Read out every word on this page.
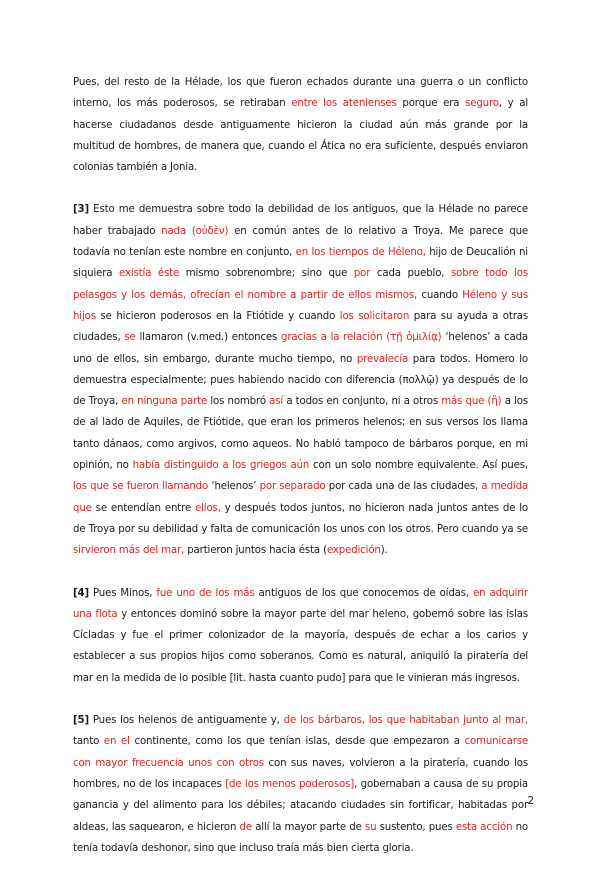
Pues, del resto de la Hélade, los que fueron echados durante una guerra o un conflicto interno, los más poderosos, se retiraban entre los atenienses porque era seguro, y al hacerse ciudadanos desde antiguamente hicieron la ciudad aún más grande por la multitud de hombres, de manera que, cuando el Ática no era suficiente, después enviaron colonias también a Jonia.

[3] Esto me demuestra sobre todo la debilidad de los antiguos, que la Hélade no parece haber trabajado nada (οὐδὲν) en común antes de lo relativo a Troya. Me parece que todavía no tenían este nombre en conjunto, en los tiempos de Héleno, hijo de Deucalión ni siquiera existía éste mismo sobrenombre; sino que por cada pueblo, sobre todo los pelasgos y los demás, ofrecían el nombre a partir de ellos mismos, cuando Héleno y sus hijos se hicieron poderosos en la Ftiótide y cuando los solicitaron para su ayuda a otras ciudades, se llamaron (v.med.) entonces gracias a la relación (τῇ ὁμιλίᾳ) ‘helenos’ a cada uno de ellos, sin embargo, durante mucho tiempo, no prevalecía para todos. Homero lo demuestra especialmente; pues habiendo nacido con diferencia (πολλῷ) ya después de lo de Troya, en ninguna parte los nombró así a todos en conjunto, ni a otros más que (ἢ) a los de al lado de Aquiles, de Ftiótide, que eran los primeros helenos; en sus versos los llama tanto dánaos, como argivos, como aqueos. No habló tampoco de bárbaros porque, en mi opinión, no había distinguido a los griegos aún con un solo nombre equivalente. Así pues, los que se fueron llamando ‘helenos’ por separado por cada una de las ciudades, a medida que se entendían entre ellos, y después todos juntos, no hicieron nada juntos antes de lo de Troya por su debilidad y falta de comunicación los unos con los otros. Pero cuando ya se sirvieron más del mar, partieron juntos hacia ésta (expedición).

[4] Pues Minos, fue uno de los más antiguos de los que conocemos de oídas, en adquirir una flota y entonces dominó sobre la mayor parte del mar heleno, gobernó sobre las islas Cícladas y fue el primer colonizador de la mayoría, después de echar a los carios y establecer a sus propios hijos como soberanos. Como es natural, aniquiló la piratería del mar en la medida de lo posible [lit. hasta cuanto pudo] para que le vinieran más ingresos.

[5] Pues los helenos de antiguamente y, de los bárbaros, los que habitaban junto al mar, tanto en el continente, como los que tenían islas, desde que empezaron a comunicarse con mayor frecuencia unos con otros con sus naves, volvieron a la piratería, cuando los hombres, no de los incapaces [de los menos poderosos], gobernaban a causa de su propia ganancia y del alimento para los débiles; atacando ciudades sin fortificar, habitadas por aldeas, las saquearon, e hicieron de allí la mayor parte de su sustento, pues esta acción no tenía todavía deshonor, sino que incluso traía más bien cierta gloria.

2
